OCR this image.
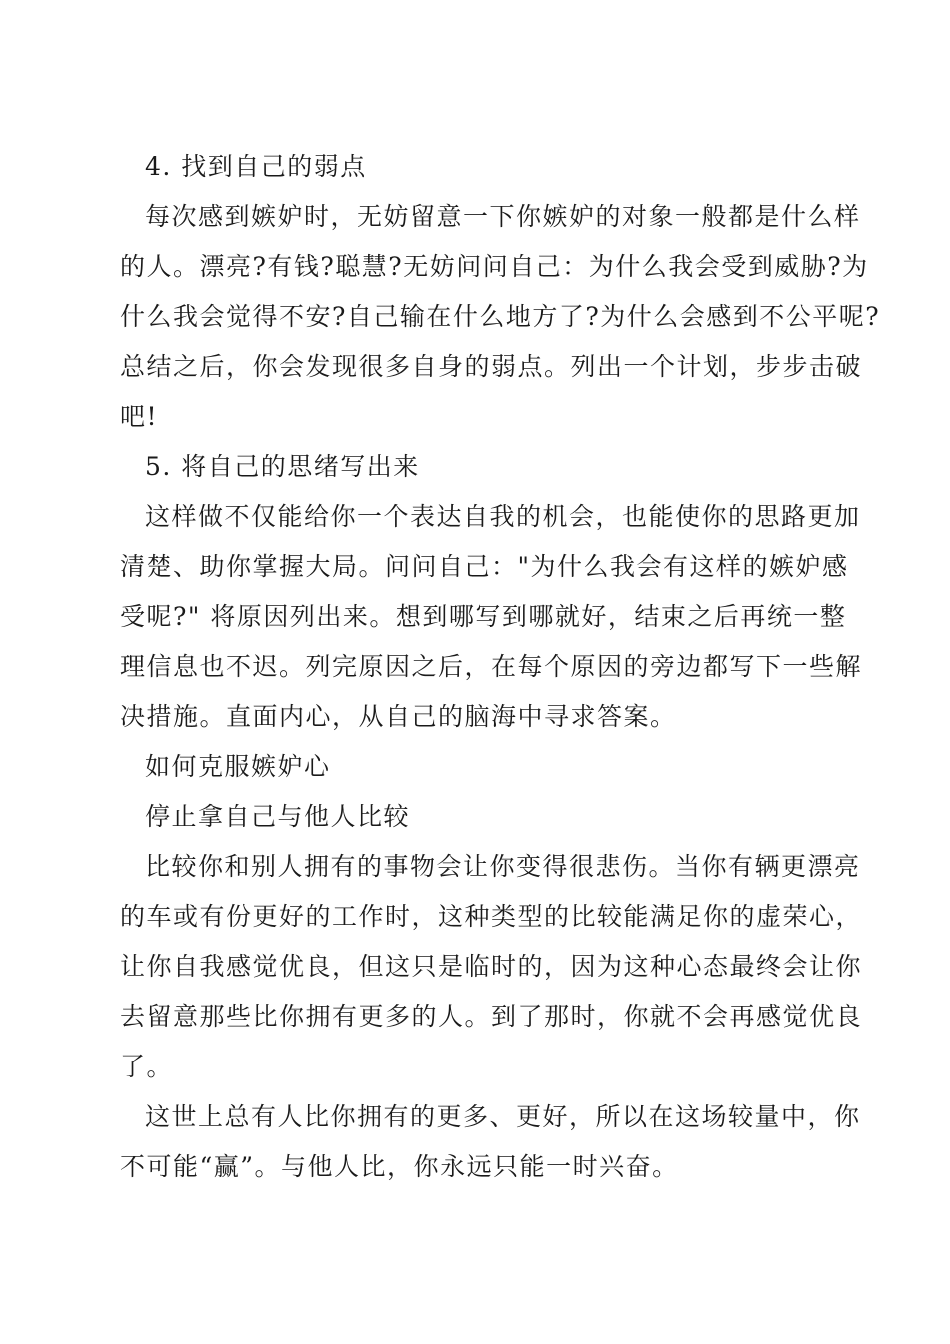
4. 找到自己的弱点
每次感到嫉妒时，无妨留意一下你嫉妒的对象一般都是什么样
的人。漂亮?有钱?聪慧?无妨问问自己：为什么我会受到威胁?为
什么我会觉得不安?自己输在什么地方了?为什么会感到不公平呢?
总结之后，你会发现很多自身的弱点。列出一个计划，步步击破
吧!
5. 将自己的思绪写出来
这样做不仅能给你一个表达自我的机会，也能使你的思路更加
清楚、助你掌握大局。问问自己："为什么我会有这样的嫉妒感
受呢?" 将原因列出来。想到哪写到哪就好，结束之后再统一整
理信息也不迟。列完原因之后，在每个原因的旁边都写下一些解
决措施。直面内心，从自己的脑海中寻求答案。
如何克服嫉妒心
停止拿自己与他人比较
比较你和别人拥有的事物会让你变得很悲伤。当你有辆更漂亮
的车或有份更好的工作时，这种类型的比较能满足你的虚荣心，
让你自我感觉优良，但这只是临时的，因为这种心态最终会让你
去留意那些比你拥有更多的人。到了那时，你就不会再感觉优良
了。
这世上总有人比你拥有的更多、更好，所以在这场较量中，你
不可能“赢”。与他人比，你永远只能一时兴奋。
